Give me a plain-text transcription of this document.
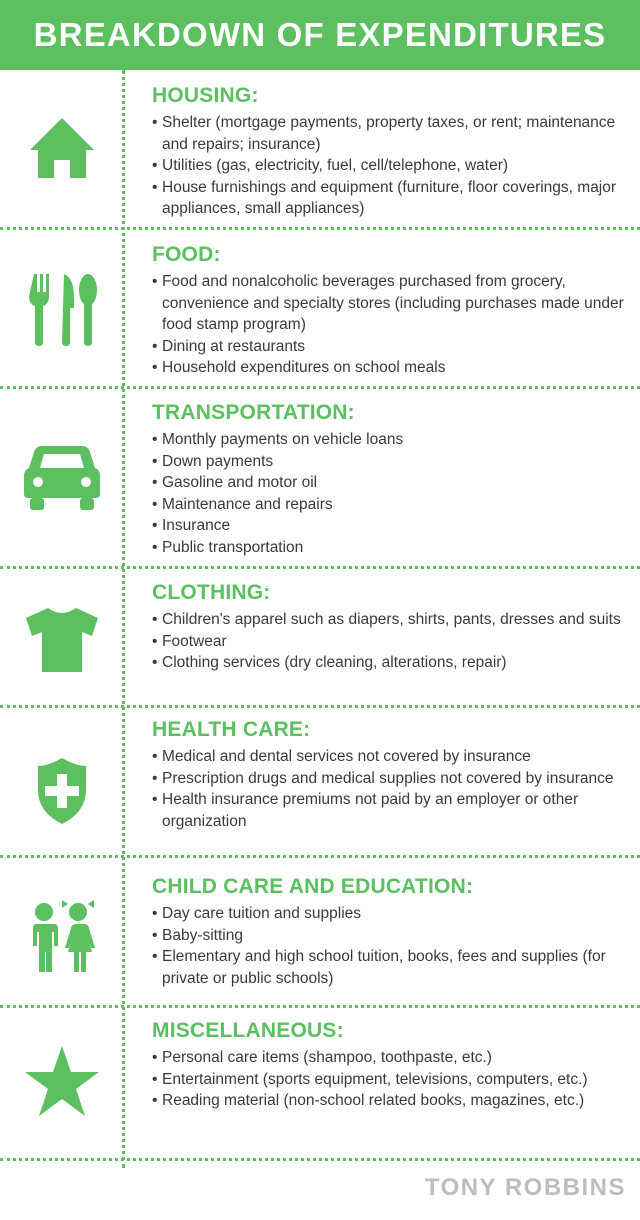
BREAKDOWN OF EXPENDITURES
HOUSING:
• Shelter (mortgage payments, property taxes, or rent; maintenance and repairs; insurance)
• Utilities (gas, electricity, fuel, cell/telephone, water)
• House furnishings and equipment (furniture, floor coverings, major appliances, small appliances)
FOOD:
• Food and nonalcoholic beverages purchased from grocery, convenience and specialty stores (including purchases made under food stamp program)
• Dining at restaurants
• Household expenditures on school meals
TRANSPORTATION:
• Monthly payments on vehicle loans
• Down payments
• Gasoline and motor oil
• Maintenance and repairs
• Insurance
• Public transportation
CLOTHING:
• Children's apparel such as diapers, shirts, pants, dresses and suits
• Footwear
• Clothing services (dry cleaning, alterations, repair)
HEALTH CARE:
• Medical and dental services not covered by insurance
• Prescription drugs and medical supplies not covered by insurance
• Health insurance premiums not paid by an employer or other organization
CHILD CARE AND EDUCATION:
• Day care tuition and supplies
• Baby-sitting
• Elementary and high school tuition, books, fees and supplies (for private or public schools)
MISCELLANEOUS:
• Personal care items (shampoo, toothpaste, etc.)
• Entertainment (sports equipment, televisions, computers, etc.)
• Reading material (non-school related books, magazines, etc.)
TONY ROBBINS
